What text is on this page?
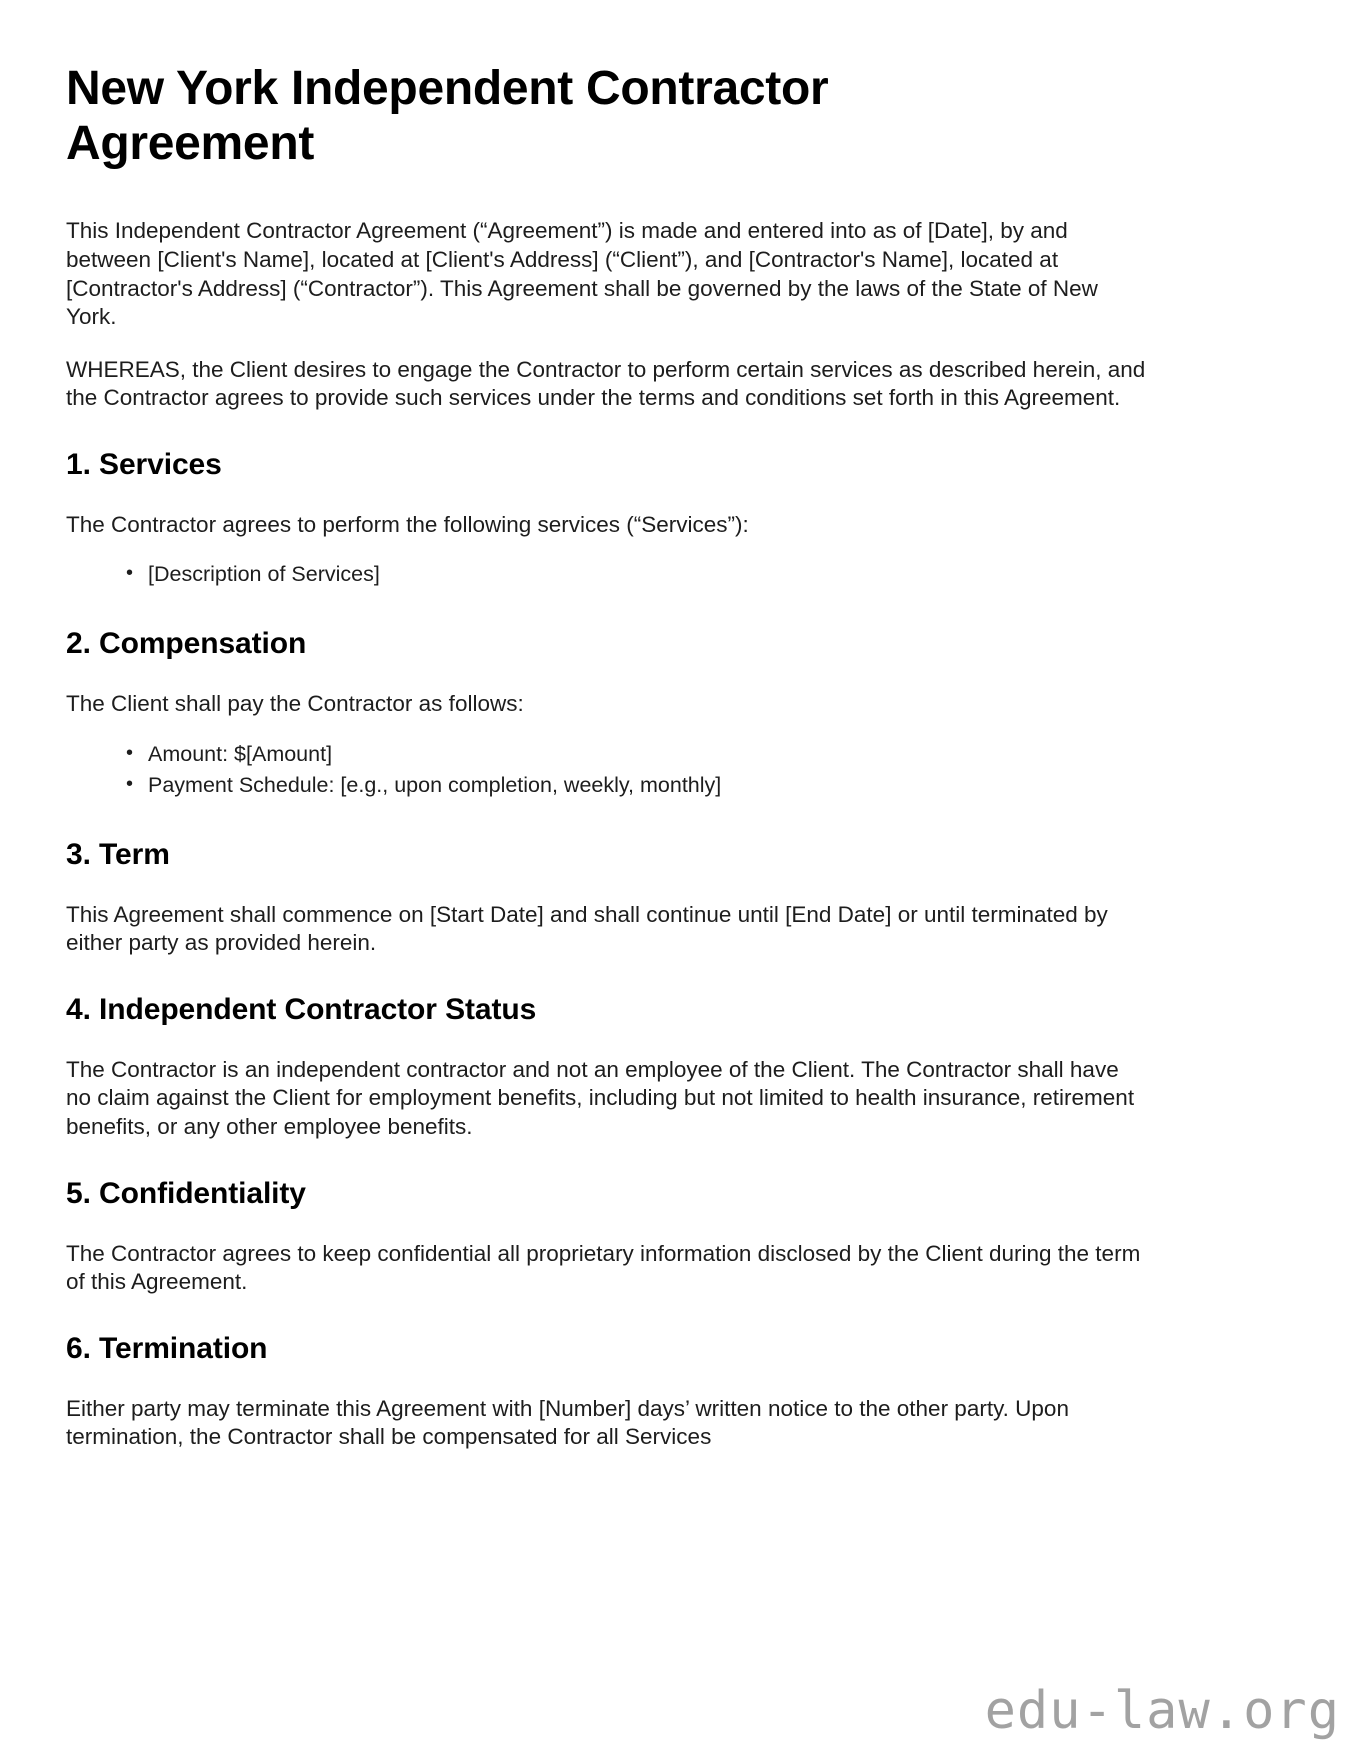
New York Independent Contractor Agreement

This Independent Contractor Agreement (“Agreement”) is made and entered into as of [Date], by and between [Client's Name], located at [Client's Address] (“Client”), and [Contractor's Name], located at [Contractor's Address] (“Contractor”). This Agreement shall be governed by the laws of the State of New York.

WHEREAS, the Client desires to engage the Contractor to perform certain services as described herein, and the Contractor agrees to provide such services under the terms and conditions set forth in this Agreement.

1. Services

The Contractor agrees to perform the following services (“Services”):

• [Description of Services]
2. Compensation

The Client shall pay the Contractor as follows:

• Amount: $[Amount]
• Payment Schedule: [e.g., upon completion, weekly, monthly]
3. Term

This Agreement shall commence on [Start Date] and shall continue until [End Date] or until terminated by either party as provided herein.

4. Independent Contractor Status

The Contractor is an independent contractor and not an employee of the Client. The Contractor shall have no claim against the Client for employment benefits, including but not limited to health insurance, retirement benefits, or any other employee benefits.

5. Confidentiality

The Contractor agrees to keep confidential all proprietary information disclosed by the Client during the term of this Agreement.

6. Termination

Either party may terminate this Agreement with [Number] days’ written notice to the other party. Upon termination, the Contractor shall be compensated for all Services

edu-law.org
